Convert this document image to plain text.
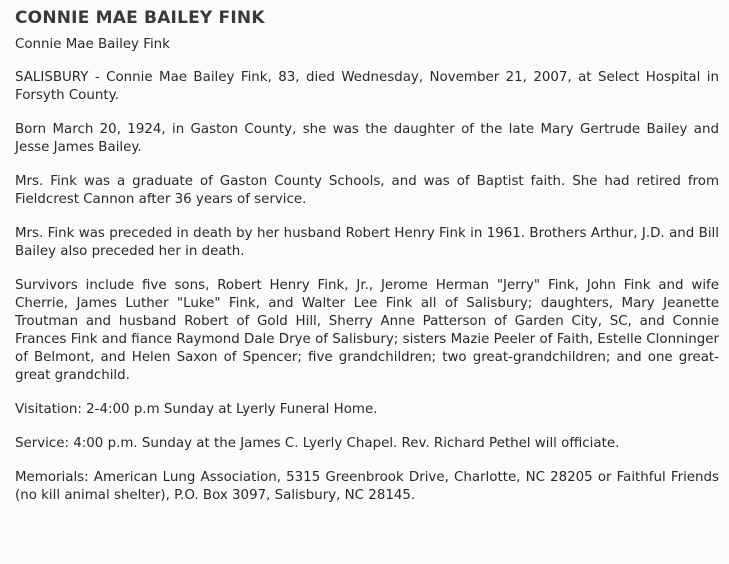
CONNIE MAE BAILEY FINK
Connie Mae Bailey Fink

SALISBURY - Connie Mae Bailey Fink, 83, died Wednesday, November 21, 2007, at Select Hospital in Forsyth County.

Born March 20, 1924, in Gaston County, she was the daughter of the late Mary Gertrude Bailey and Jesse James Bailey.

Mrs. Fink was a graduate of Gaston County Schools, and was of Baptist faith. She had retired from Fieldcrest Cannon after 36 years of service.

Mrs. Fink was preceded in death by her husband Robert Henry Fink in 1961. Brothers Arthur, J.D. and Bill Bailey also preceded her in death.

Survivors include five sons, Robert Henry Fink, Jr., Jerome Herman "Jerry" Fink, John Fink and wife Cherrie, James Luther "Luke" Fink, and Walter Lee Fink all of Salisbury; daughters, Mary Jeanette Troutman and husband Robert of Gold Hill, Sherry Anne Patterson of Garden City, SC, and Connie Frances Fink and fiance Raymond Dale Drye of Salisbury; sisters Mazie Peeler of Faith, Estelle Clonninger of Belmont, and Helen Saxon of Spencer; five grandchildren; two great-grandchildren; and one great-great grandchild.

Visitation: 2-4:00 p.m Sunday at Lyerly Funeral Home.

Service: 4:00 p.m. Sunday at the James C. Lyerly Chapel. Rev. Richard Pethel will officiate.

Memorials: American Lung Association, 5315 Greenbrook Drive, Charlotte, NC 28205 or Faithful Friends (no kill animal shelter), P.O. Box 3097, Salisbury, NC 28145.
